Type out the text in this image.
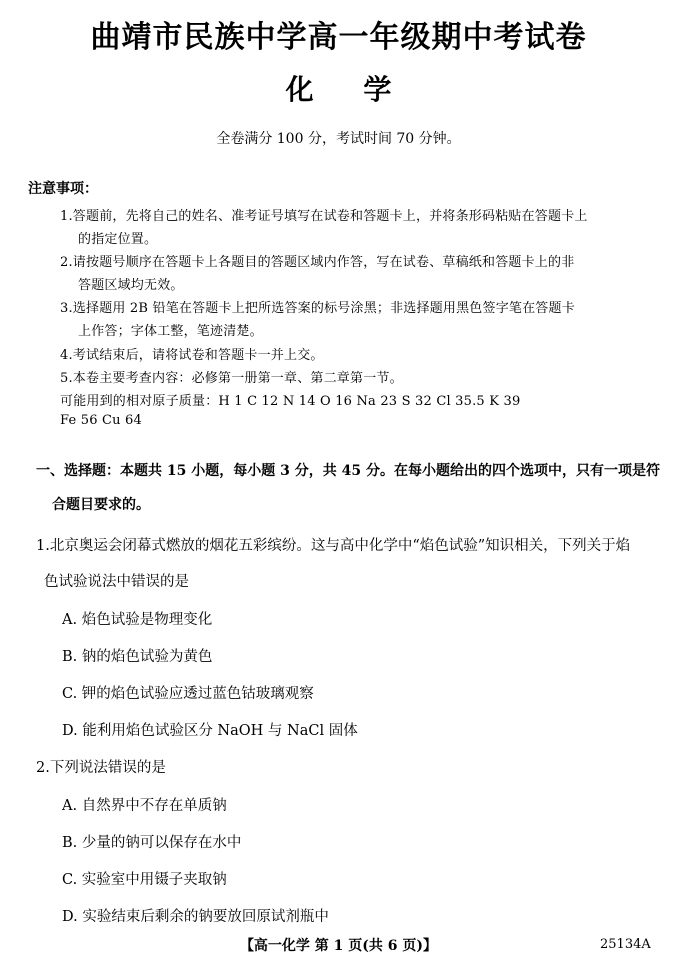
曲靖市民族中学高一年级期中考试卷
化 学
全卷满分 100 分，考试时间 70 分钟。
注意事项：
1.答题前，先将自己的姓名、准考证号填写在试卷和答题卡上，并将条形码粘贴在答题卡上
的指定位置。
2.请按题号顺序在答题卡上各题目的答题区域内作答，写在试卷、草稿纸和答题卡上的非
答题区域均无效。
3.选择题用 2B 铅笔在答题卡上把所选答案的标号涂黑；非选择题用黑色签字笔在答题卡
上作答；字体工整，笔迹清楚。
4.考试结束后，请将试卷和答题卡一并上交。
5.本卷主要考查内容：必修第一册第一章、第二章第一节。
可能用到的相对原子质量：H 1 C 12 N 14 O 16 Na 23 S 32 Cl 35.5 K 39
Fe 56 Cu 64
一、选择题：本题共 15 小题，每小题 3 分，共 45 分。在每小题给出的四个选项中，只有一项是符
合题目要求的。
1.北京奥运会闭幕式燃放的烟花五彩缤纷。这与高中化学中“焰色试验”知识相关，下列关于焰
色试验说法中错误的是
A. 焰色试验是物理变化
B. 钠的焰色试验为黄色
C. 钾的焰色试验应透过蓝色钴玻璃观察
D. 能利用焰色试验区分 NaOH 与 NaCl 固体
2.下列说法错误的是
A. 自然界中不存在单质钠
B. 少量的钠可以保存在水中
C. 实验室中用镊子夹取钠
D. 实验结束后剩余的钠要放回原试剂瓶中
【高一化学 第 1 页(共 6 页)】	25134A
